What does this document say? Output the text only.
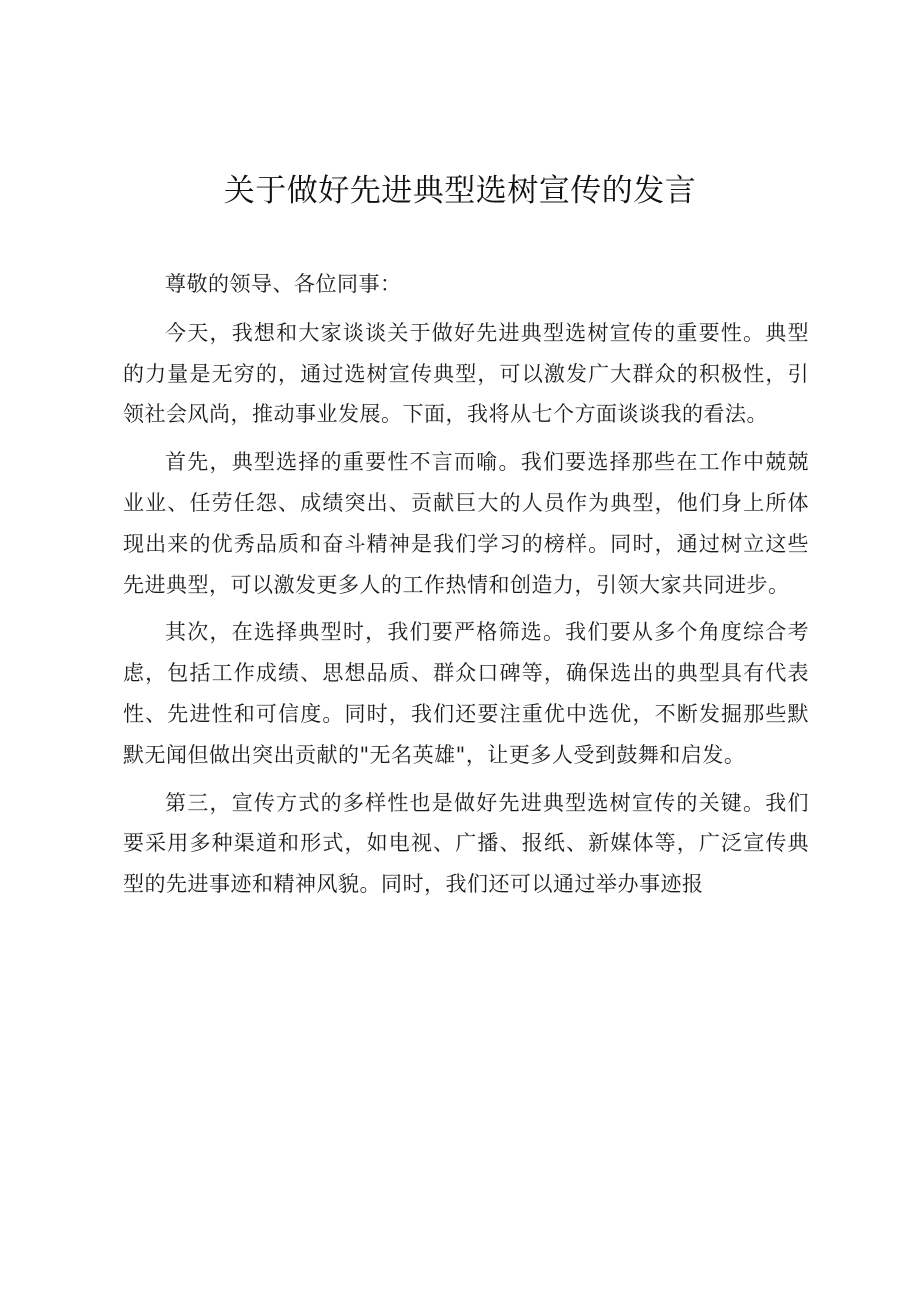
关于做好先进典型选树宣传的发言

尊敬的领导、各位同事：

今天，我想和大家谈谈关于做好先进典型选树宣传的重要性。典型的力量是无穷的，通过选树宣传典型，可以激发广大群众的积极性，引领社会风尚，推动事业发展。下面，我将从七个方面谈谈我的看法。

首先，典型选择的重要性不言而喻。我们要选择那些在工作中兢兢业业、任劳任怨、成绩突出、贡献巨大的人员作为典型，他们身上所体现出来的优秀品质和奋斗精神是我们学习的榜样。同时，通过树立这些先进典型，可以激发更多人的工作热情和创造力，引领大家共同进步。

其次，在选择典型时，我们要严格筛选。我们要从多个角度综合考虑，包括工作成绩、思想品质、群众口碑等，确保选出的典型具有代表性、先进性和可信度。同时，我们还要注重优中选优，不断发掘那些默默无闻但做出突出贡献的"无名英雄"，让更多人受到鼓舞和启发。

第三，宣传方式的多样性也是做好先进典型选树宣传的关键。我们要采用多种渠道和形式，如电视、广播、报纸、新媒体等，广泛宣传典型的先进事迹和精神风貌。同时，我们还可以通过举办事迹报
